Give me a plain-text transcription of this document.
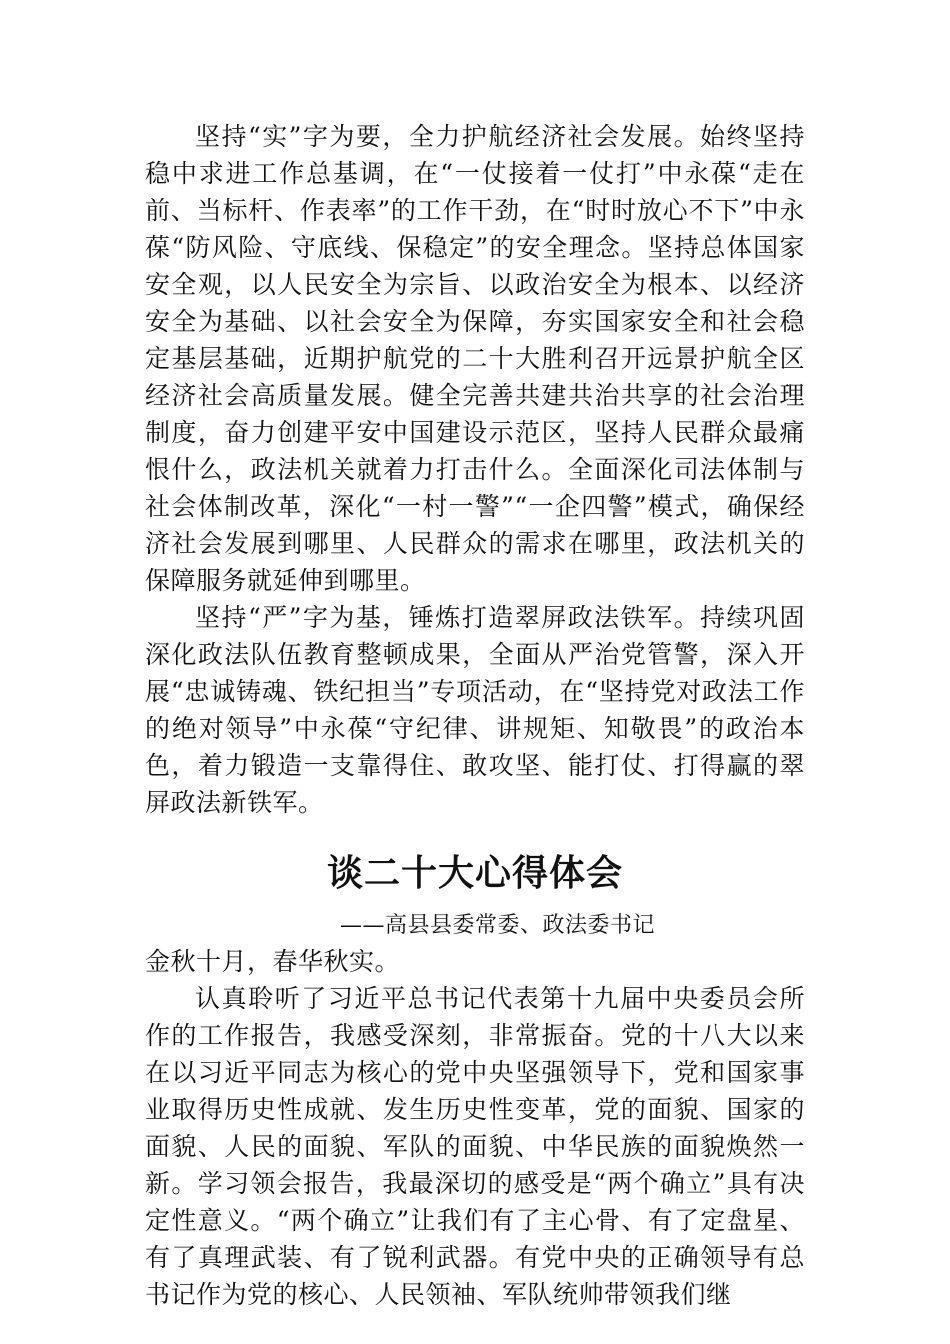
坚持“实”字为要，全力护航经济社会发展。始终坚持稳中求进工作总基调，在“一仗接着一仗打”中永葆“走在前、当标杆、作表率”的工作干劲，在“时时放心不下”中永葆“防风险、守底线、保稳定”的安全理念。坚持总体国家安全观，以人民安全为宗旨、以政治安全为根本、以经济安全为基础、以社会安全为保障，夯实国家安全和社会稳定基层基础，近期护航党的二十大胜利召开远景护航全区经济社会高质量发展。健全完善共建共治共享的社会治理制度，奋力创建平安中国建设示范区，坚持人民群众最痛恨什么，政法机关就着力打击什么。全面深化司法体制与社会体制改革，深化“一村一警”“一企四警”模式，确保经济社会发展到哪里、人民群众的需求在哪里，政法机关的保障服务就延伸到哪里。

坚持“严”字为基，锤炼打造翠屏政法铁军。持续巩固深化政法队伍教育整顿成果，全面从严治党管警，深入开展“忠诚铸魂、铁纪担当”专项活动，在“坚持党对政法工作的绝对领导”中永葆“守纪律、讲规矩、知敬畏”的政治本色，着力锻造一支靠得住、敢攻坚、能打仗、打得赢的翠屏政法新铁军。

谈二十大心得体会

——高县县委常委、政法委书记

金秋十月，春华秋实。

认真聆听了习近平总书记代表第十九届中央委员会所作的工作报告，我感受深刻，非常振奋。党的十八大以来在以习近平同志为核心的党中央坚强领导下，党和国家事业取得历史性成就、发生历史性变革，党的面貌、国家的面貌、人民的面貌、军队的面貌、中华民族的面貌焕然一新。学习领会报告，我最深切的感受是“两个确立”具有决定性意义。“两个确立”让我们有了主心骨、有了定盘星、有了真理武装、有了锐利武器。有党中央的正确领导有总书记作为党的核心、人民领袖、军队统帅带领我们继
